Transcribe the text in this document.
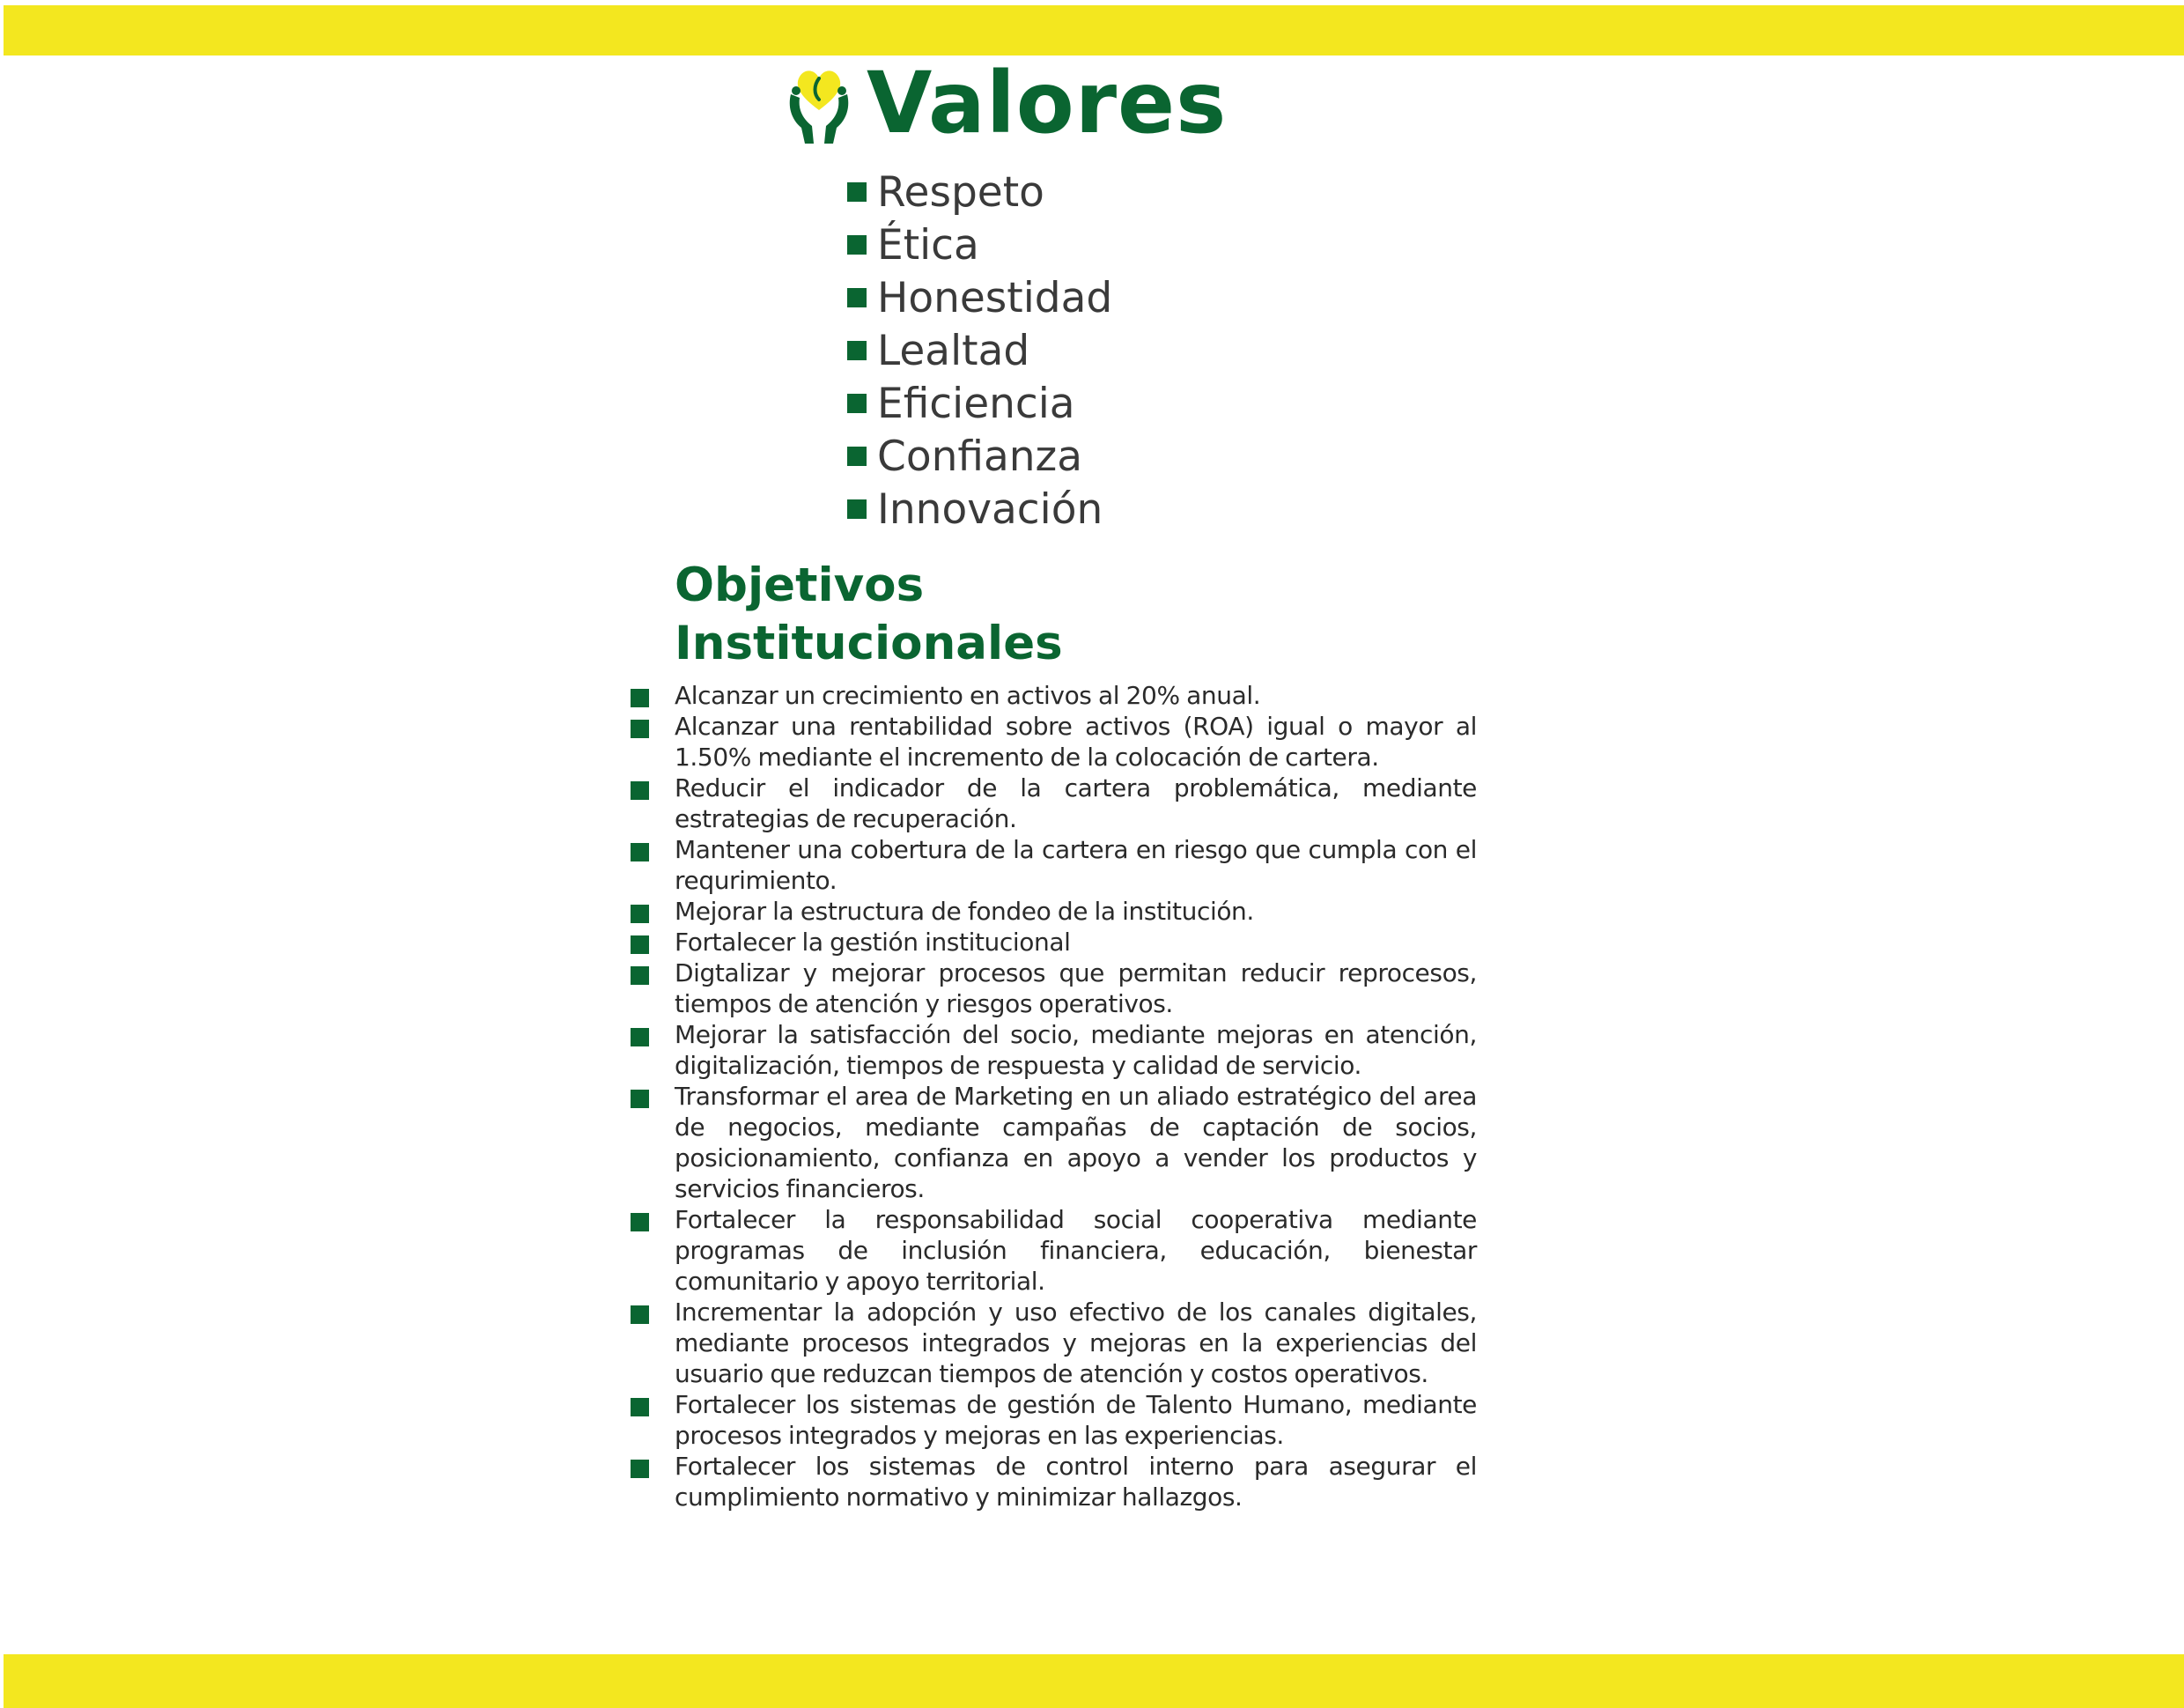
Valores
Respeto
Ética
Honestidad
Lealtad
Eficiencia
Confianza
Innovación
Objetivos Institucionales
Alcanzar un crecimiento en activos al 20% anual.
Alcanzar una rentabilidad sobre activos (ROA) igual o mayor al 1.50% mediante el incremento de la colocación de cartera.
Reducir el indicador de la cartera problemática, mediante estrategias de recuperación.
Mantener una cobertura de la cartera en riesgo que cumpla con el requrimiento.
Mejorar la estructura de fondeo de la institución.
Fortalecer la gestión institucional
Digtalizar y mejorar procesos que permitan reducir reprocesos, tiempos de atención y riesgos operativos.
Mejorar la satisfacción del socio, mediante mejoras en atención, digitalización, tiempos de respuesta y calidad de servicio.
Transformar el area de Marketing en un aliado estratégico del area de negocios, mediante campañas de captación de socios, posicionamiento, confianza en apoyo a vender los productos y servicios financieros.
Fortalecer la responsabilidad social cooperativa mediante programas de inclusión financiera, educación, bienestar comunitario y apoyo territorial.
Incrementar la adopción y uso efectivo de los canales digitales, mediante procesos integrados y mejoras en la experiencias del usuario que reduzcan tiempos de atención y costos operativos.
Fortalecer los sistemas de gestión de Talento Humano, mediante procesos integrados y mejoras en las experiencias.
Fortalecer los sistemas de control interno para asegurar el cumplimiento normativo y minimizar hallazgos.
